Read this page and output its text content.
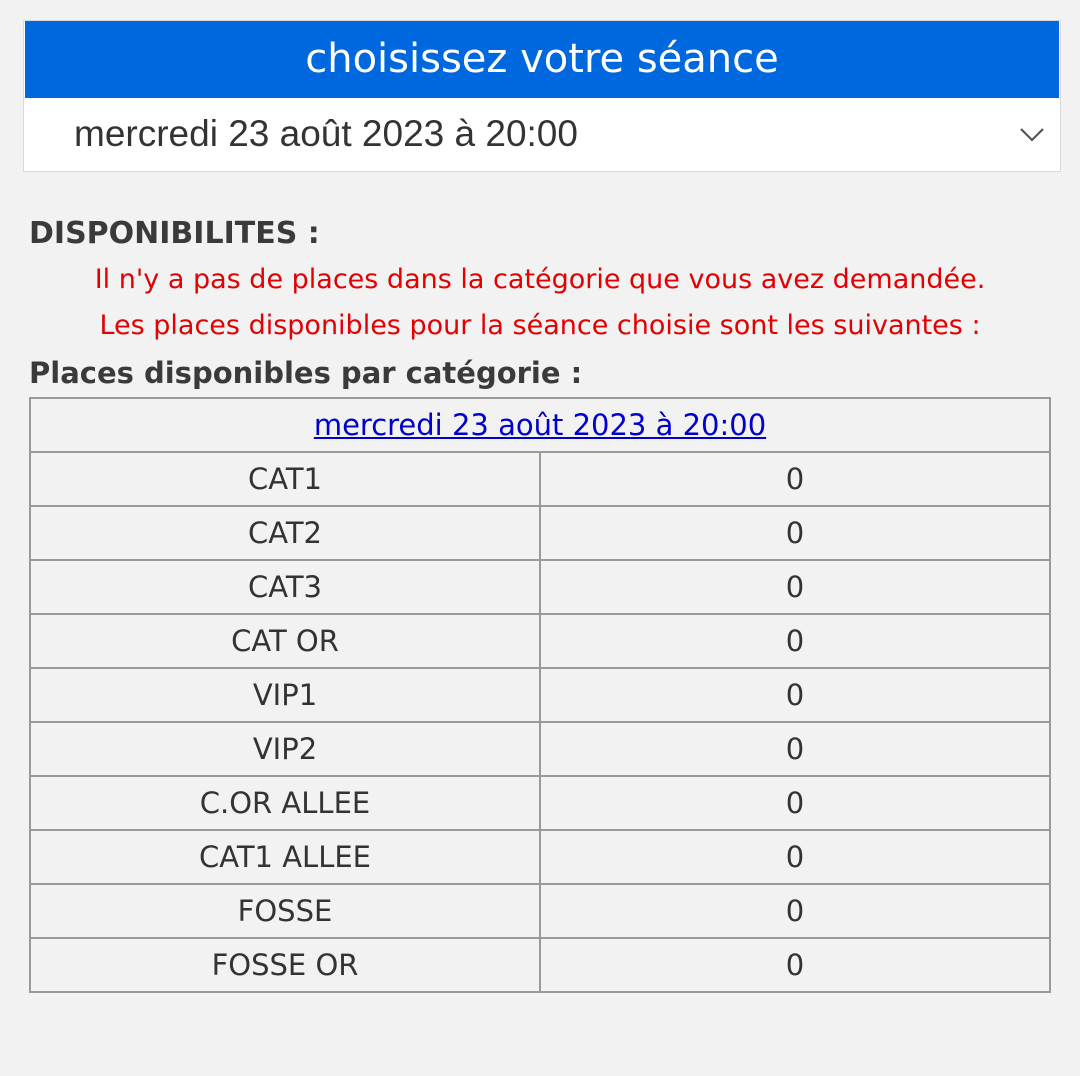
choisissez votre séance
mercredi 23 août 2023 à 20:00
DISPONIBILITES :
Il n'y a pas de places dans la catégorie que vous avez demandée.
Les places disponibles pour la séance choisie sont les suivantes :
Places disponibles par catégorie :
mercredi 23 août 2023 à 20:00	
CAT1	0
CAT2	0
CAT3	0
CAT OR	0
VIP1	0
VIP2	0
C.OR ALLEE	0
CAT1 ALLEE	0
FOSSE	0
FOSSE OR	0
